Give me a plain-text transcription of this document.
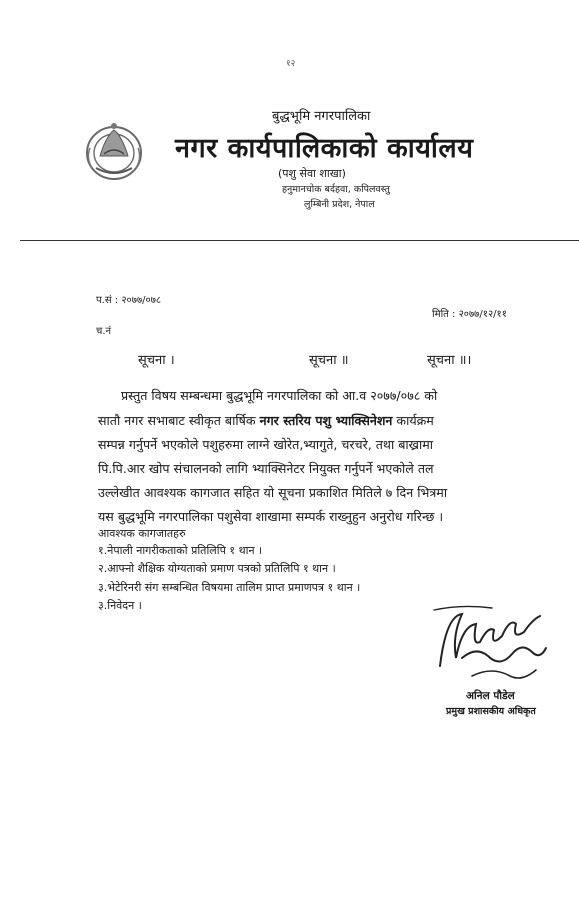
१२
बुद्धभूमि नगरपालिका
नगर कार्यपालिकाको कार्यालय
(पशु सेवा शाखा)
हनुमानचोक बर्दहवा, कपिलवस्तु
लुम्बिनी प्रदेश, नेपाल
प.सं : २०७७/०७८
मिति : २०७७/१२/११
च.नं
सूचना ।	सूचना ॥	सूचना ॥।
प्रस्तुत विषय सम्बन्धमा बुद्धभूमि नगरपालिका को आ.व २०७७/०७८ को
सातौ नगर सभाबाट स्वीकृत बार्षिक नगर स्तरिय पशु भ्याक्सिनेशन कार्यक्रम
सम्पन्न गर्नुपर्ने भएकोले पशुहरुमा लाग्ने खोरेत,भ्यागुते, चरचरे, तथा बाख्रामा
पि.पि.आर खोप संचालनको लागि भ्याक्सिनेटर नियुक्त गर्नुपर्ने भएकोले तल
उल्लेखीत आवश्यक कागजात सहित यो सूचना प्रकाशित मितिले ७ दिन भित्रमा
यस बुद्धभूमि नगरपालिका पशुसेवा शाखामा सम्पर्क राख्नुहुन अनुरोध गरिन्छ ।
आवश्यक कागजातहरु
१.नेपाली नागरीकताको प्रतिलिपि १ थान ।
२.आफ्नो शैक्षिक योग्यताको प्रमाण पत्रको प्रतिलिपि १ थान ।
३.भेटेरिनरी संग सम्बन्धित विषयमा तालिम प्राप्त प्रमाणपत्र १ थान ।
३.निवेदन ।
अनिल पौडेल
प्रमुख प्रशासकीय अधिकृत
